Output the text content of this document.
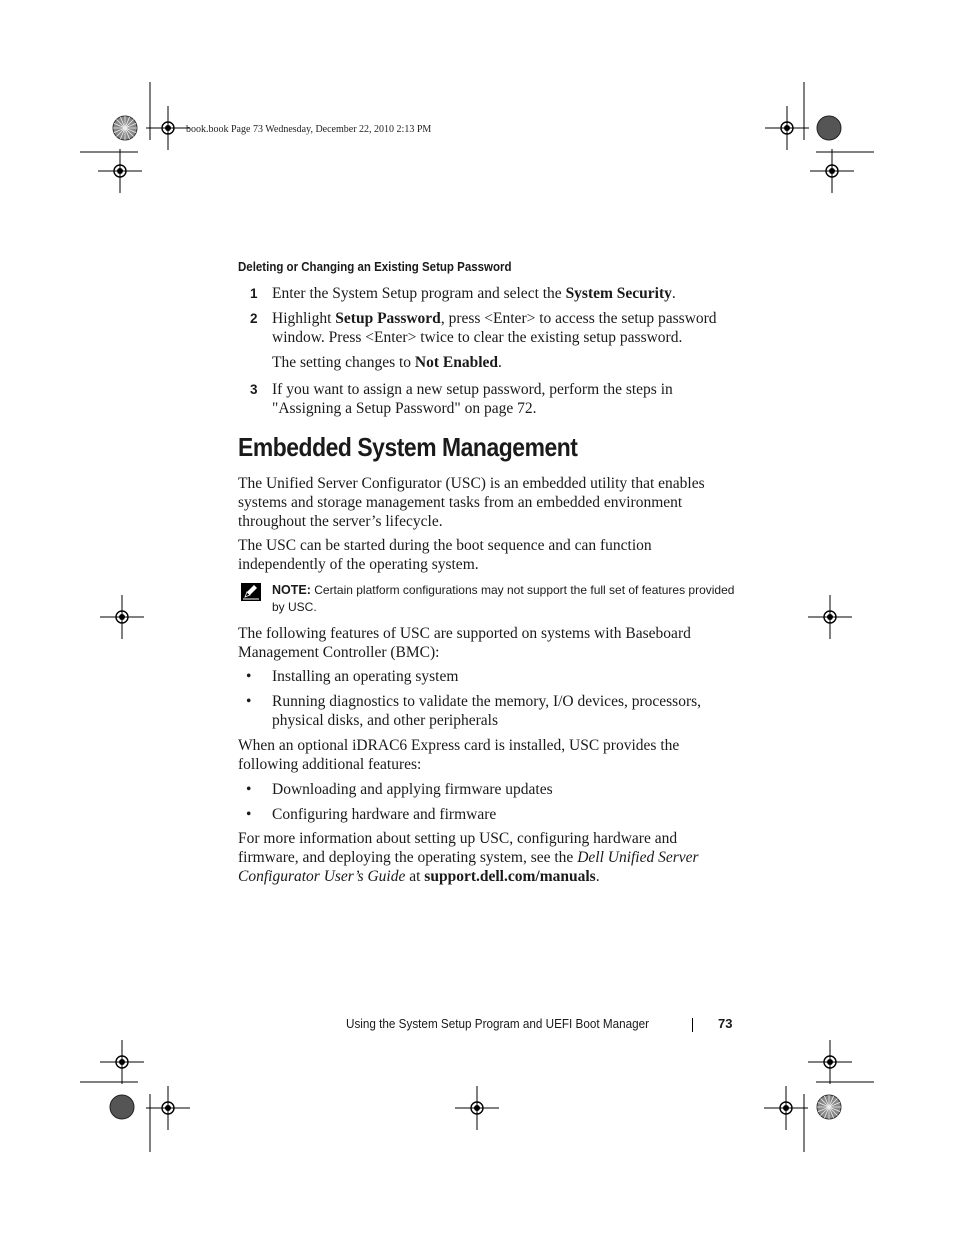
book.book Page 73 Wednesday, December 22, 2010 2:13 PM
Deleting or Changing an Existing Setup Password
1 Enter the System Setup program and select the System Security.
2 Highlight Setup Password, press <Enter> to access the setup password window. Press <Enter> twice to clear the existing setup password.
The setting changes to Not Enabled.
3 If you want to assign a new setup password, perform the steps in "Assigning a Setup Password" on page 72.
Embedded System Management

The Unified Server Configurator (USC) is an embedded utility that enables systems and storage management tasks from an embedded environment throughout the server’s lifecycle.

The USC can be started during the boot sequence and can function independently of the operating system.

NOTE: Certain platform configurations may not support the full set of features provided by USC.

The following features of USC are supported on systems with Baseboard Management Controller (BMC):

• Installing an operating system
• Running diagnostics to validate the memory, I/O devices, processors, physical disks, and other peripherals

When an optional iDRAC6 Express card is installed, USC provides the following additional features:

• Downloading and applying firmware updates
• Configuring hardware and firmware

For more information about setting up USC, configuring hardware and firmware, and deploying the operating system, see the Dell Unified Server Configurator User’s Guide at support.dell.com/manuals.

Using the System Setup Program and UEFI Boot Manager	73
